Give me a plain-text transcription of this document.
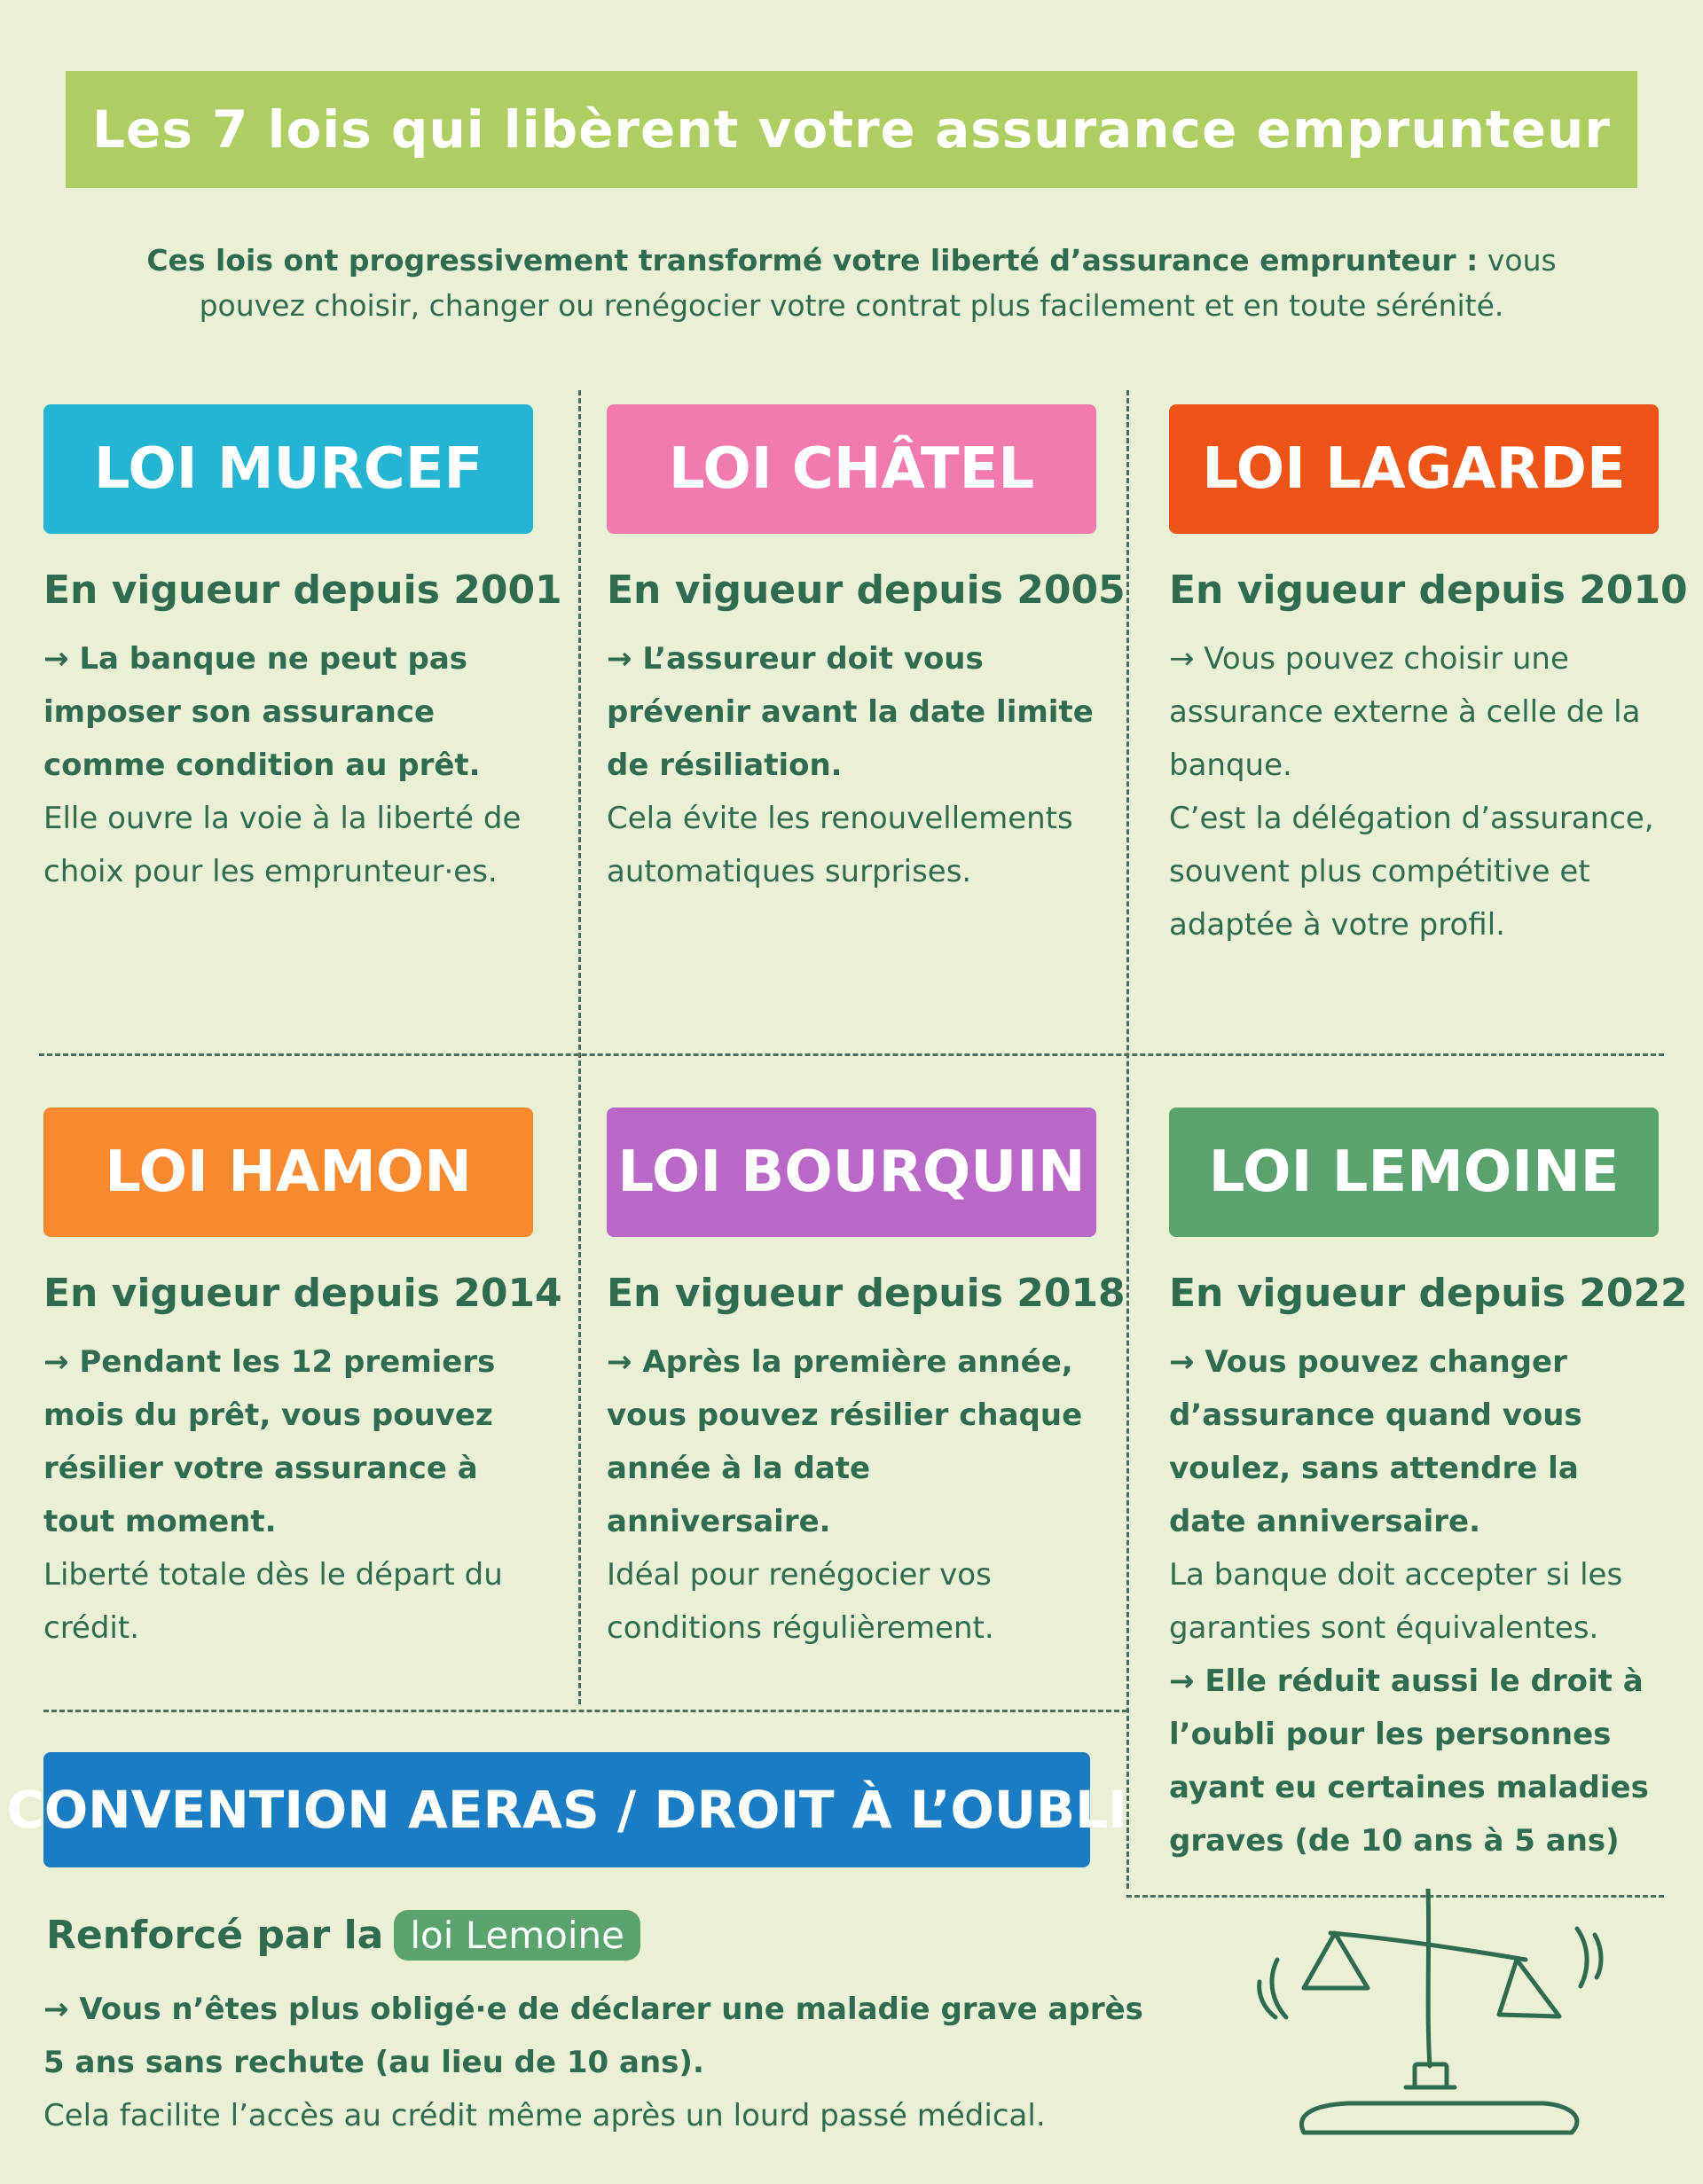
Les 7 lois qui libèrent votre assurance emprunteur
Ces lois ont progressivement transformé votre liberté d’assurance emprunteur : vous pouvez choisir, changer ou renégocier votre contrat plus facilement et en toute sérénité.
LOI MURCEF
En vigueur depuis 2001

→ La banque ne peut pas imposer son assurance comme condition au prêt.

Elle ouvre la voie à la liberté de choix pour les emprunteur·es.

LOI CHÂTEL
En vigueur depuis 2005

→ L’assureur doit vous prévenir avant la date limite de résiliation.

Cela évite les renouvellements automatiques surprises.

LOI LAGARDE
En vigueur depuis 2010

→ Vous pouvez choisir une assurance externe à celle de la banque.

C’est la délégation d’assurance, souvent plus compétitive et adaptée à votre profil.

LOI HAMON
En vigueur depuis 2014

→ Pendant les 12 premiers mois du prêt, vous pouvez résilier votre assurance à tout moment.

Liberté totale dès le départ du crédit.

LOI BOURQUIN
En vigueur depuis 2018

→ Après la première année, vous pouvez résilier chaque année à la date anniversaire.

Idéal pour renégocier vos conditions régulièrement.

LOI LEMOINE
En vigueur depuis 2022

→ Vous pouvez changer d’assurance quand vous voulez, sans attendre la date anniversaire.

La banque doit accepter si les garanties sont équivalentes.

→ Elle réduit aussi le droit à l’oubli pour les personnes ayant eu certaines maladies graves (de 10 ans à 5 ans)

CONVENTION AERAS / DROIT À L’OUBLI
Renforcé par la loi Lemoine

→ Vous n’êtes plus obligé·e de déclarer une maladie grave après 5 ans sans rechute (au lieu de 10 ans).

Cela facilite l’accès au crédit même après un lourd passé médical.
